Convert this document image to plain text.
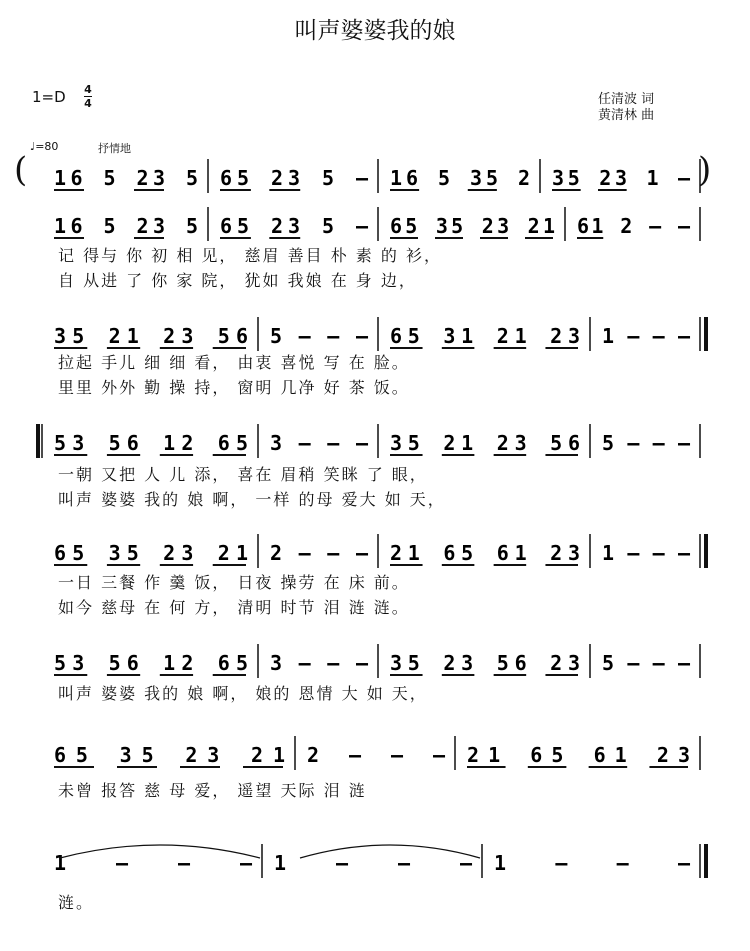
叫声婆婆我的娘
1=D 4
4	任清波 词
黄清林 曲
♩=80	抒情地
(	)
16 5 23 5 65 23 5 – 16 5 35 2 35 23 1 –
16 5 23 5 65 23 5 – 65 35 23 21 61 2 – –
35 21 23 56 5 – – – 65 31 21 23 1 – – –
53 56 12 65 3 – – – 35 21 23 56 5 – – –
65 35 23 21 2 – – – 21 65 61 23 1 – – –
53 56 12 65 3 – – – 35 23 56 23 5 – – –
65 35 23 21 2 – – – 21 65 61 23
1 – – – 1 – – – 1 – – –
记 得与 你 初 相 见， 慈眉 善目 朴 素 的 衫，
自 从进 了 你 家 院， 犹如 我娘 在 身 边，
拉起 手儿 细 细 看， 由衷 喜悦 写 在 脸。
里里 外外 勤 操 持， 窗明 几净 好 茶 饭。
一朝 又把 人 儿 添， 喜在 眉稍 笑眯 了 眼，
叫声 婆婆 我的 娘 啊， 一样 的母 爱大 如 天，
一日 三餐 作 羹 饭， 日夜 操劳 在 床 前。
如今 慈母 在 何 方， 清明 时节 泪 涟 涟。
叫声 婆婆 我的 娘 啊， 娘的 恩情 大 如 天，
未曾 报答 慈 母 爱， 遥望 天际 泪 涟
涟。
